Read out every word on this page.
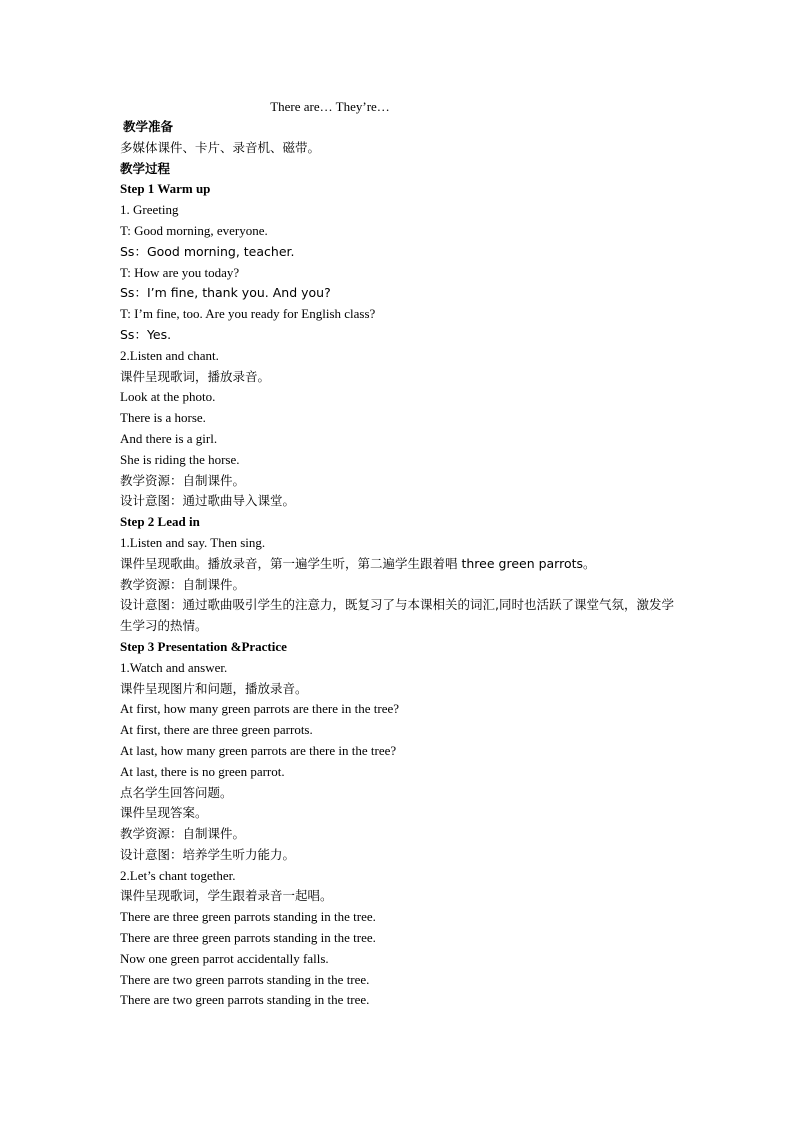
There are… They’re…
教学准备
多媒体课件、卡片、录音机、磁带。
教学过程
Step 1 Warm up
1. Greeting
T: Good morning, everyone.
Ss：Good morning, teacher.
T: How are you today?
Ss：I’m fine, thank you. And you?
T: I’m fine, too. Are you ready for English class?
Ss：Yes.
2.Listen and chant.
课件呈现歌词，播放录音。
Look at the photo.
There is a horse.
And there is a girl.
She is riding the horse.
教学资源：自制课件。
设计意图：通过歌曲导入课堂。
Step 2 Lead in
1.Listen and say. Then sing.
课件呈现歌曲。播放录音，第一遍学生听，第二遍学生跟着唱 three green parrots。
教学资源：自制课件。
设计意图：通过歌曲吸引学生的注意力，既复习了与本课相关的词汇,同时也活跃了课堂气氛，激发学生学习的热情。
Step 3 Presentation &Practice
1.Watch and answer.
课件呈现图片和问题，播放录音。
At first, how many green parrots are there in the tree?
At first, there are three green parrots.
At last, how many green parrots are there in the tree?
At last, there is no green parrot.
点名学生回答问题。
课件呈现答案。
教学资源：自制课件。
设计意图：培养学生听力能力。
2.Let’s chant together.
课件呈现歌词，学生跟着录音一起唱。
There are three green parrots standing in the tree.
There are three green parrots standing in the tree.
Now one green parrot accidentally falls.
There are two green parrots standing in the tree.
There are two green parrots standing in the tree.
